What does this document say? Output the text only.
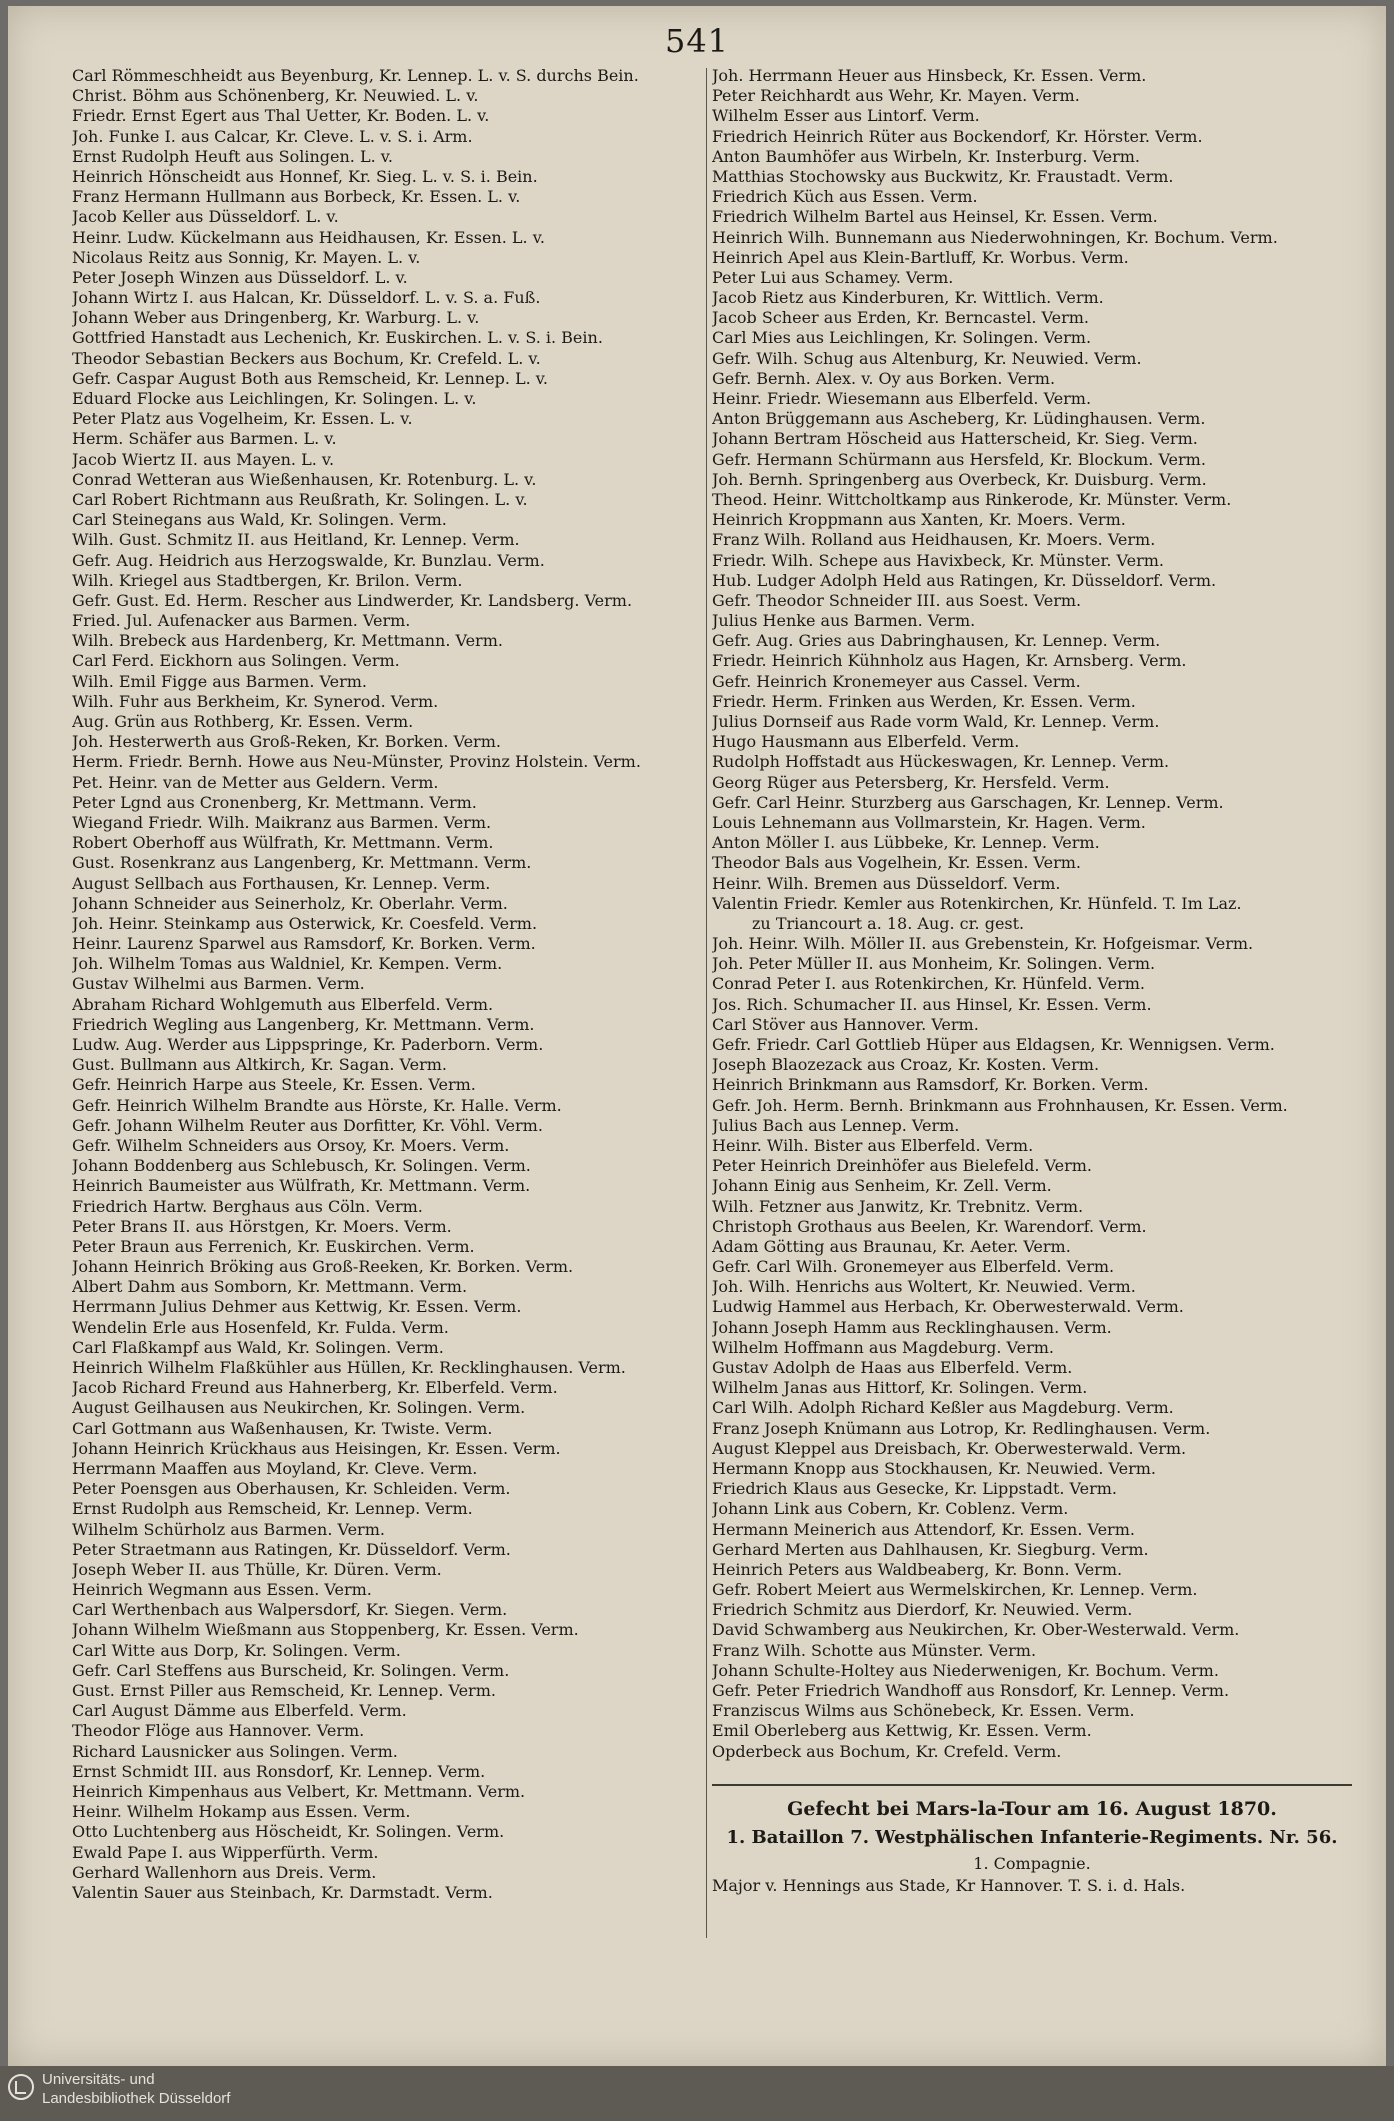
541
Carl Römmeschheidt aus Beyenburg, Kr. Lennep. L. v. S. durchs Bein.
Christ. Böhm aus Schönenberg, Kr. Neuwied. L. v.
Friedr. Ernst Egert aus Thal Uetter, Kr. Boden. L. v.
Joh. Funke I. aus Calcar, Kr. Cleve. L. v. S. i. Arm.
Ernst Rudolph Heuft aus Solingen. L. v.
Heinrich Hönscheidt aus Honnef, Kr. Sieg. L. v. S. i. Bein.
Franz Hermann Hullmann aus Borbeck, Kr. Essen. L. v.
Jacob Keller aus Düsseldorf. L. v.
Heinr. Ludw. Kückelmann aus Heidhausen, Kr. Essen. L. v.
Nicolaus Reitz aus Sonnig, Kr. Mayen. L. v.
Peter Joseph Winzen aus Düsseldorf. L. v.
Johann Wirtz I. aus Halcan, Kr. Düsseldorf. L. v. S. a. Fuß.
Johann Weber aus Dringenberg, Kr. Warburg. L. v.
Gottfried Hanstadt aus Lechenich, Kr. Euskirchen. L. v. S. i. Bein.
Theodor Sebastian Beckers aus Bochum, Kr. Crefeld. L. v.
Gefr. Caspar August Both aus Remscheid, Kr. Lennep. L. v.
Eduard Flocke aus Leichlingen, Kr. Solingen. L. v.
Peter Platz aus Vogelheim, Kr. Essen. L. v.
Herm. Schäfer aus Barmen. L. v.
Jacob Wiertz II. aus Mayen. L. v.
Conrad Wetteran aus Wießenhausen, Kr. Rotenburg. L. v.
Carl Robert Richtmann aus Reußrath, Kr. Solingen. L. v.
Carl Steinegans aus Wald, Kr. Solingen. Verm.
Wilh. Gust. Schmitz II. aus Heitland, Kr. Lennep. Verm.
Gefr. Aug. Heidrich aus Herzogswalde, Kr. Bunzlau. Verm.
Wilh. Kriegel aus Stadtbergen, Kr. Brilon. Verm.
Gefr. Gust. Ed. Herm. Rescher aus Lindwerder, Kr. Landsberg. Verm.
Fried. Jul. Aufenacker aus Barmen. Verm.
Wilh. Brebeck aus Hardenberg, Kr. Mettmann. Verm.
Carl Ferd. Eickhorn aus Solingen. Verm.
Wilh. Emil Figge aus Barmen. Verm.
Wilh. Fuhr aus Berkheim, Kr. Synerod. Verm.
Aug. Grün aus Rothberg, Kr. Essen. Verm.
Joh. Hesterwerth aus Groß-Reken, Kr. Borken. Verm.
Herm. Friedr. Bernh. Howe aus Neu-Münster, Provinz Holstein. Verm.
Pet. Heinr. van de Metter aus Geldern. Verm.
Peter Lgnd aus Cronenberg, Kr. Mettmann. Verm.
Wiegand Friedr. Wilh. Maikranz aus Barmen. Verm.
Robert Oberhoff aus Wülfrath, Kr. Mettmann. Verm.
Gust. Rosenkranz aus Langenberg, Kr. Mettmann. Verm.
August Sellbach aus Forthausen, Kr. Lennep. Verm.
Johann Schneider aus Seinerholz, Kr. Oberlahr. Verm.
Joh. Heinr. Steinkamp aus Osterwick, Kr. Coesfeld. Verm.
Heinr. Laurenz Sparwel aus Ramsdorf, Kr. Borken. Verm.
Joh. Wilhelm Tomas aus Waldniel, Kr. Kempen. Verm.
Gustav Wilhelmi aus Barmen. Verm.
Abraham Richard Wohlgemuth aus Elberfeld. Verm.
Friedrich Wegling aus Langenberg, Kr. Mettmann. Verm.
Ludw. Aug. Werder aus Lippspringe, Kr. Paderborn. Verm.
Gust. Bullmann aus Altkirch, Kr. Sagan. Verm.
Gefr. Heinrich Harpe aus Steele, Kr. Essen. Verm.
Gefr. Heinrich Wilhelm Brandte aus Hörste, Kr. Halle. Verm.
Gefr. Johann Wilhelm Reuter aus Dorfitter, Kr. Vöhl. Verm.
Gefr. Wilhelm Schneiders aus Orsoy, Kr. Moers. Verm.
Johann Boddenberg aus Schlebusch, Kr. Solingen. Verm.
Heinrich Baumeister aus Wülfrath, Kr. Mettmann. Verm.
Friedrich Hartw. Berghaus aus Cöln. Verm.
Peter Brans II. aus Hörstgen, Kr. Moers. Verm.
Peter Braun aus Ferrenich, Kr. Euskirchen. Verm.
Johann Heinrich Bröking aus Groß-Reeken, Kr. Borken. Verm.
Albert Dahm aus Somborn, Kr. Mettmann. Verm.
Herrmann Julius Dehmer aus Kettwig, Kr. Essen. Verm.
Wendelin Erle aus Hosenfeld, Kr. Fulda. Verm.
Carl Flaßkampf aus Wald, Kr. Solingen. Verm.
Heinrich Wilhelm Flaßkühler aus Hüllen, Kr. Recklinghausen. Verm.
Jacob Richard Freund aus Hahnerberg, Kr. Elberfeld. Verm.
August Geilhausen aus Neukirchen, Kr. Solingen. Verm.
Carl Gottmann aus Waßenhausen, Kr. Twiste. Verm.
Johann Heinrich Krückhaus aus Heisingen, Kr. Essen. Verm.
Herrmann Maaffen aus Moyland, Kr. Cleve. Verm.
Peter Poensgen aus Oberhausen, Kr. Schleiden. Verm.
Ernst Rudolph aus Remscheid, Kr. Lennep. Verm.
Wilhelm Schürholz aus Barmen. Verm.
Peter Straetmann aus Ratingen, Kr. Düsseldorf. Verm.
Joseph Weber II. aus Thülle, Kr. Düren. Verm.
Heinrich Wegmann aus Essen. Verm.
Carl Werthenbach aus Walpersdorf, Kr. Siegen. Verm.
Johann Wilhelm Wießmann aus Stoppenberg, Kr. Essen. Verm.
Carl Witte aus Dorp, Kr. Solingen. Verm.
Gefr. Carl Steffens aus Burscheid, Kr. Solingen. Verm.
Gust. Ernst Piller aus Remscheid, Kr. Lennep. Verm.
Carl August Dämme aus Elberfeld. Verm.
Theodor Flöge aus Hannover. Verm.
Richard Lausnicker aus Solingen. Verm.
Ernst Schmidt III. aus Ronsdorf, Kr. Lennep. Verm.
Heinrich Kimpenhaus aus Velbert, Kr. Mettmann. Verm.
Heinr. Wilhelm Hokamp aus Essen. Verm.
Otto Luchtenberg aus Höscheidt, Kr. Solingen. Verm.
Ewald Pape I. aus Wipperfürth. Verm.
Gerhard Wallenhorn aus Dreis. Verm.
Valentin Sauer aus Steinbach, Kr. Darmstadt. Verm.
Joh. Herrmann Heuer aus Hinsbeck, Kr. Essen. Verm.
Peter Reichhardt aus Wehr, Kr. Mayen. Verm.
Wilhelm Esser aus Lintorf. Verm.
Friedrich Heinrich Rüter aus Bockendorf, Kr. Hörster. Verm.
Anton Baumhöfer aus Wirbeln, Kr. Insterburg. Verm.
Matthias Stochowsky aus Buckwitz, Kr. Fraustadt. Verm.
Friedrich Küch aus Essen. Verm.
Friedrich Wilhelm Bartel aus Heinsel, Kr. Essen. Verm.
Heinrich Wilh. Bunnemann aus Niederwohningen, Kr. Bochum. Verm.
Heinrich Apel aus Klein-Bartluff, Kr. Worbus. Verm.
Peter Lui aus Schamey. Verm.
Jacob Rietz aus Kinderburen, Kr. Wittlich. Verm.
Jacob Scheer aus Erden, Kr. Berncastel. Verm.
Carl Mies aus Leichlingen, Kr. Solingen. Verm.
Gefr. Wilh. Schug aus Altenburg, Kr. Neuwied. Verm.
Gefr. Bernh. Alex. v. Oy aus Borken. Verm.
Heinr. Friedr. Wiesemann aus Elberfeld. Verm.
Anton Brüggemann aus Ascheberg, Kr. Lüdinghausen. Verm.
Johann Bertram Höscheid aus Hatterscheid, Kr. Sieg. Verm.
Gefr. Hermann Schürmann aus Hersfeld, Kr. Blockum. Verm.
Joh. Bernh. Springenberg aus Overbeck, Kr. Duisburg. Verm.
Theod. Heinr. Wittcholtkamp aus Rinkerode, Kr. Münster. Verm.
Heinrich Kroppmann aus Xanten, Kr. Moers. Verm.
Franz Wilh. Rolland aus Heidhausen, Kr. Moers. Verm.
Friedr. Wilh. Schepe aus Havixbeck, Kr. Münster. Verm.
Hub. Ludger Adolph Held aus Ratingen, Kr. Düsseldorf. Verm.
Gefr. Theodor Schneider III. aus Soest. Verm.
Julius Henke aus Barmen. Verm.
Gefr. Aug. Gries aus Dabringhausen, Kr. Lennep. Verm.
Friedr. Heinrich Kühnholz aus Hagen, Kr. Arnsberg. Verm.
Gefr. Heinrich Kronemeyer aus Cassel. Verm.
Friedr. Herm. Frinken aus Werden, Kr. Essen. Verm.
Julius Dornseif aus Rade vorm Wald, Kr. Lennep. Verm.
Hugo Hausmann aus Elberfeld. Verm.
Rudolph Hoffstadt aus Hückeswagen, Kr. Lennep. Verm.
Georg Rüger aus Petersberg, Kr. Hersfeld. Verm.
Gefr. Carl Heinr. Sturzberg aus Garschagen, Kr. Lennep. Verm.
Louis Lehnemann aus Vollmarstein, Kr. Hagen. Verm.
Anton Möller I. aus Lübbeke, Kr. Lennep. Verm.
Theodor Bals aus Vogelhein, Kr. Essen. Verm.
Heinr. Wilh. Bremen aus Düsseldorf. Verm.
Valentin Friedr. Kemler aus Rotenkirchen, Kr. Hünfeld. T. Im Laz.
zu Triancourt a. 18. Aug. cr. gest.
Joh. Heinr. Wilh. Möller II. aus Grebenstein, Kr. Hofgeismar. Verm.
Joh. Peter Müller II. aus Monheim, Kr. Solingen. Verm.
Conrad Peter I. aus Rotenkirchen, Kr. Hünfeld. Verm.
Jos. Rich. Schumacher II. aus Hinsel, Kr. Essen. Verm.
Carl Stöver aus Hannover. Verm.
Gefr. Friedr. Carl Gottlieb Hüper aus Eldagsen, Kr. Wennigsen. Verm.
Joseph Blaozezack aus Croaz, Kr. Kosten. Verm.
Heinrich Brinkmann aus Ramsdorf, Kr. Borken. Verm.
Gefr. Joh. Herm. Bernh. Brinkmann aus Frohnhausen, Kr. Essen. Verm.
Julius Bach aus Lennep. Verm.
Heinr. Wilh. Bister aus Elberfeld. Verm.
Peter Heinrich Dreinhöfer aus Bielefeld. Verm.
Johann Einig aus Senheim, Kr. Zell. Verm.
Wilh. Fetzner aus Janwitz, Kr. Trebnitz. Verm.
Christoph Grothaus aus Beelen, Kr. Warendorf. Verm.
Adam Götting aus Braunau, Kr. Aeter. Verm.
Gefr. Carl Wilh. Gronemeyer aus Elberfeld. Verm.
Joh. Wilh. Henrichs aus Woltert, Kr. Neuwied. Verm.
Ludwig Hammel aus Herbach, Kr. Oberwesterwald. Verm.
Johann Joseph Hamm aus Recklinghausen. Verm.
Wilhelm Hoffmann aus Magdeburg. Verm.
Gustav Adolph de Haas aus Elberfeld. Verm.
Wilhelm Janas aus Hittorf, Kr. Solingen. Verm.
Carl Wilh. Adolph Richard Keßler aus Magdeburg. Verm.
Franz Joseph Knümann aus Lotrop, Kr. Redlinghausen. Verm.
August Kleppel aus Dreisbach, Kr. Oberwesterwald. Verm.
Hermann Knopp aus Stockhausen, Kr. Neuwied. Verm.
Friedrich Klaus aus Gesecke, Kr. Lippstadt. Verm.
Johann Link aus Cobern, Kr. Coblenz. Verm.
Hermann Meinerich aus Attendorf, Kr. Essen. Verm.
Gerhard Merten aus Dahlhausen, Kr. Siegburg. Verm.
Heinrich Peters aus Waldbeaberg, Kr. Bonn. Verm.
Gefr. Robert Meiert aus Wermelskirchen, Kr. Lennep. Verm.
Friedrich Schmitz aus Dierdorf, Kr. Neuwied. Verm.
David Schwamberg aus Neukirchen, Kr. Ober-Westerwald. Verm.
Franz Wilh. Schotte aus Münster. Verm.
Johann Schulte-Holtey aus Niederwenigen, Kr. Bochum. Verm.
Gefr. Peter Friedrich Wandhoff aus Ronsdorf, Kr. Lennep. Verm.
Franziscus Wilms aus Schönebeck, Kr. Essen. Verm.
Emil Oberleberg aus Kettwig, Kr. Essen. Verm.
Opderbeck aus Bochum, Kr. Crefeld. Verm.
Gefecht bei Mars-la-Tour am 16. August 1870.
1. Bataillon 7. Westphälischen Infanterie-Regiments. Nr. 56.
1. Compagnie.
Major v. Hennings aus Stade, Kr Hannover. T. S. i. d. Hals.
Universitäts- und
Landesbibliothek Düsseldorf
